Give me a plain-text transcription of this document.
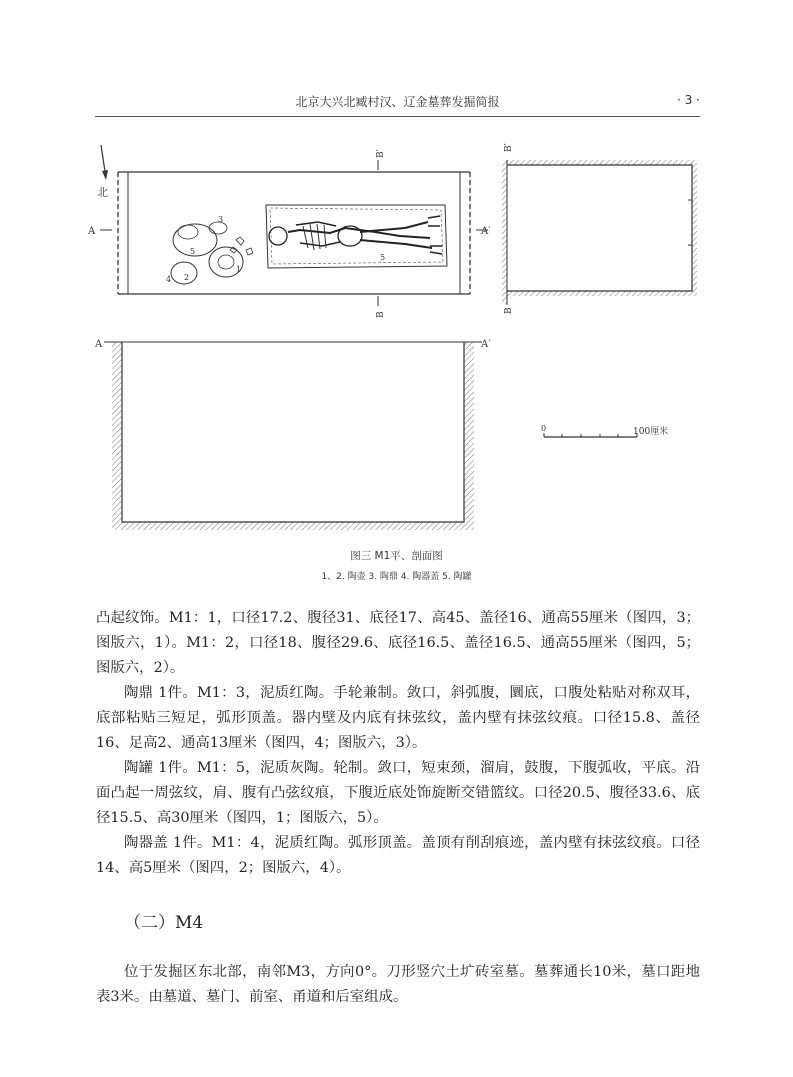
北京大兴北臧村汉、辽金墓葬发掘简报	· 3 ·
北
A	A′
B′
B
5
3
5
1
4 2
B′
B
A	A′
0	100厘米
图三 M1平、剖面图
1、2. 陶壶 3. 陶鼎 4. 陶器盖 5. 陶罐

凸起纹饰。M1：1，口径17.2、腹径31、底径17、高45、盖径16、通高55厘米（图四，3；图版六，1）。M1：2，口径18、腹径29.6、底径16.5、盖径16.5、通高55厘米（图四，5；图版六，2）。

陶鼎 1件。M1：3，泥质红陶。手轮兼制。敛口，斜弧腹，圜底，口腹处粘贴对称双耳，底部粘贴三短足，弧形顶盖。器内壁及内底有抹弦纹，盖内壁有抹弦纹痕。口径15.8、盖径16、足高2、通高13厘米（图四，4；图版六，3）。

陶罐 1件。M1：5，泥质灰陶。轮制。敛口，短束颈，溜肩，鼓腹，下腹弧收，平底。沿面凸起一周弦纹，肩、腹有凸弦纹痕，下腹近底处饰旋断交错篮纹。口径20.5、腹径33.6、底径15.5、高30厘米（图四，1；图版六，5）。

陶器盖 1件。M1：4，泥质红陶。弧形顶盖。盖顶有削刮痕迹，盖内壁有抹弦纹痕。口径14、高5厘米（图四，2；图版六，4）。

（二）M4

位于发掘区东北部，南邻M3，方向0°。刀形竖穴土圹砖室墓。墓葬通长10米，墓口距地表3米。由墓道、墓门、前室、甬道和后室组成。
